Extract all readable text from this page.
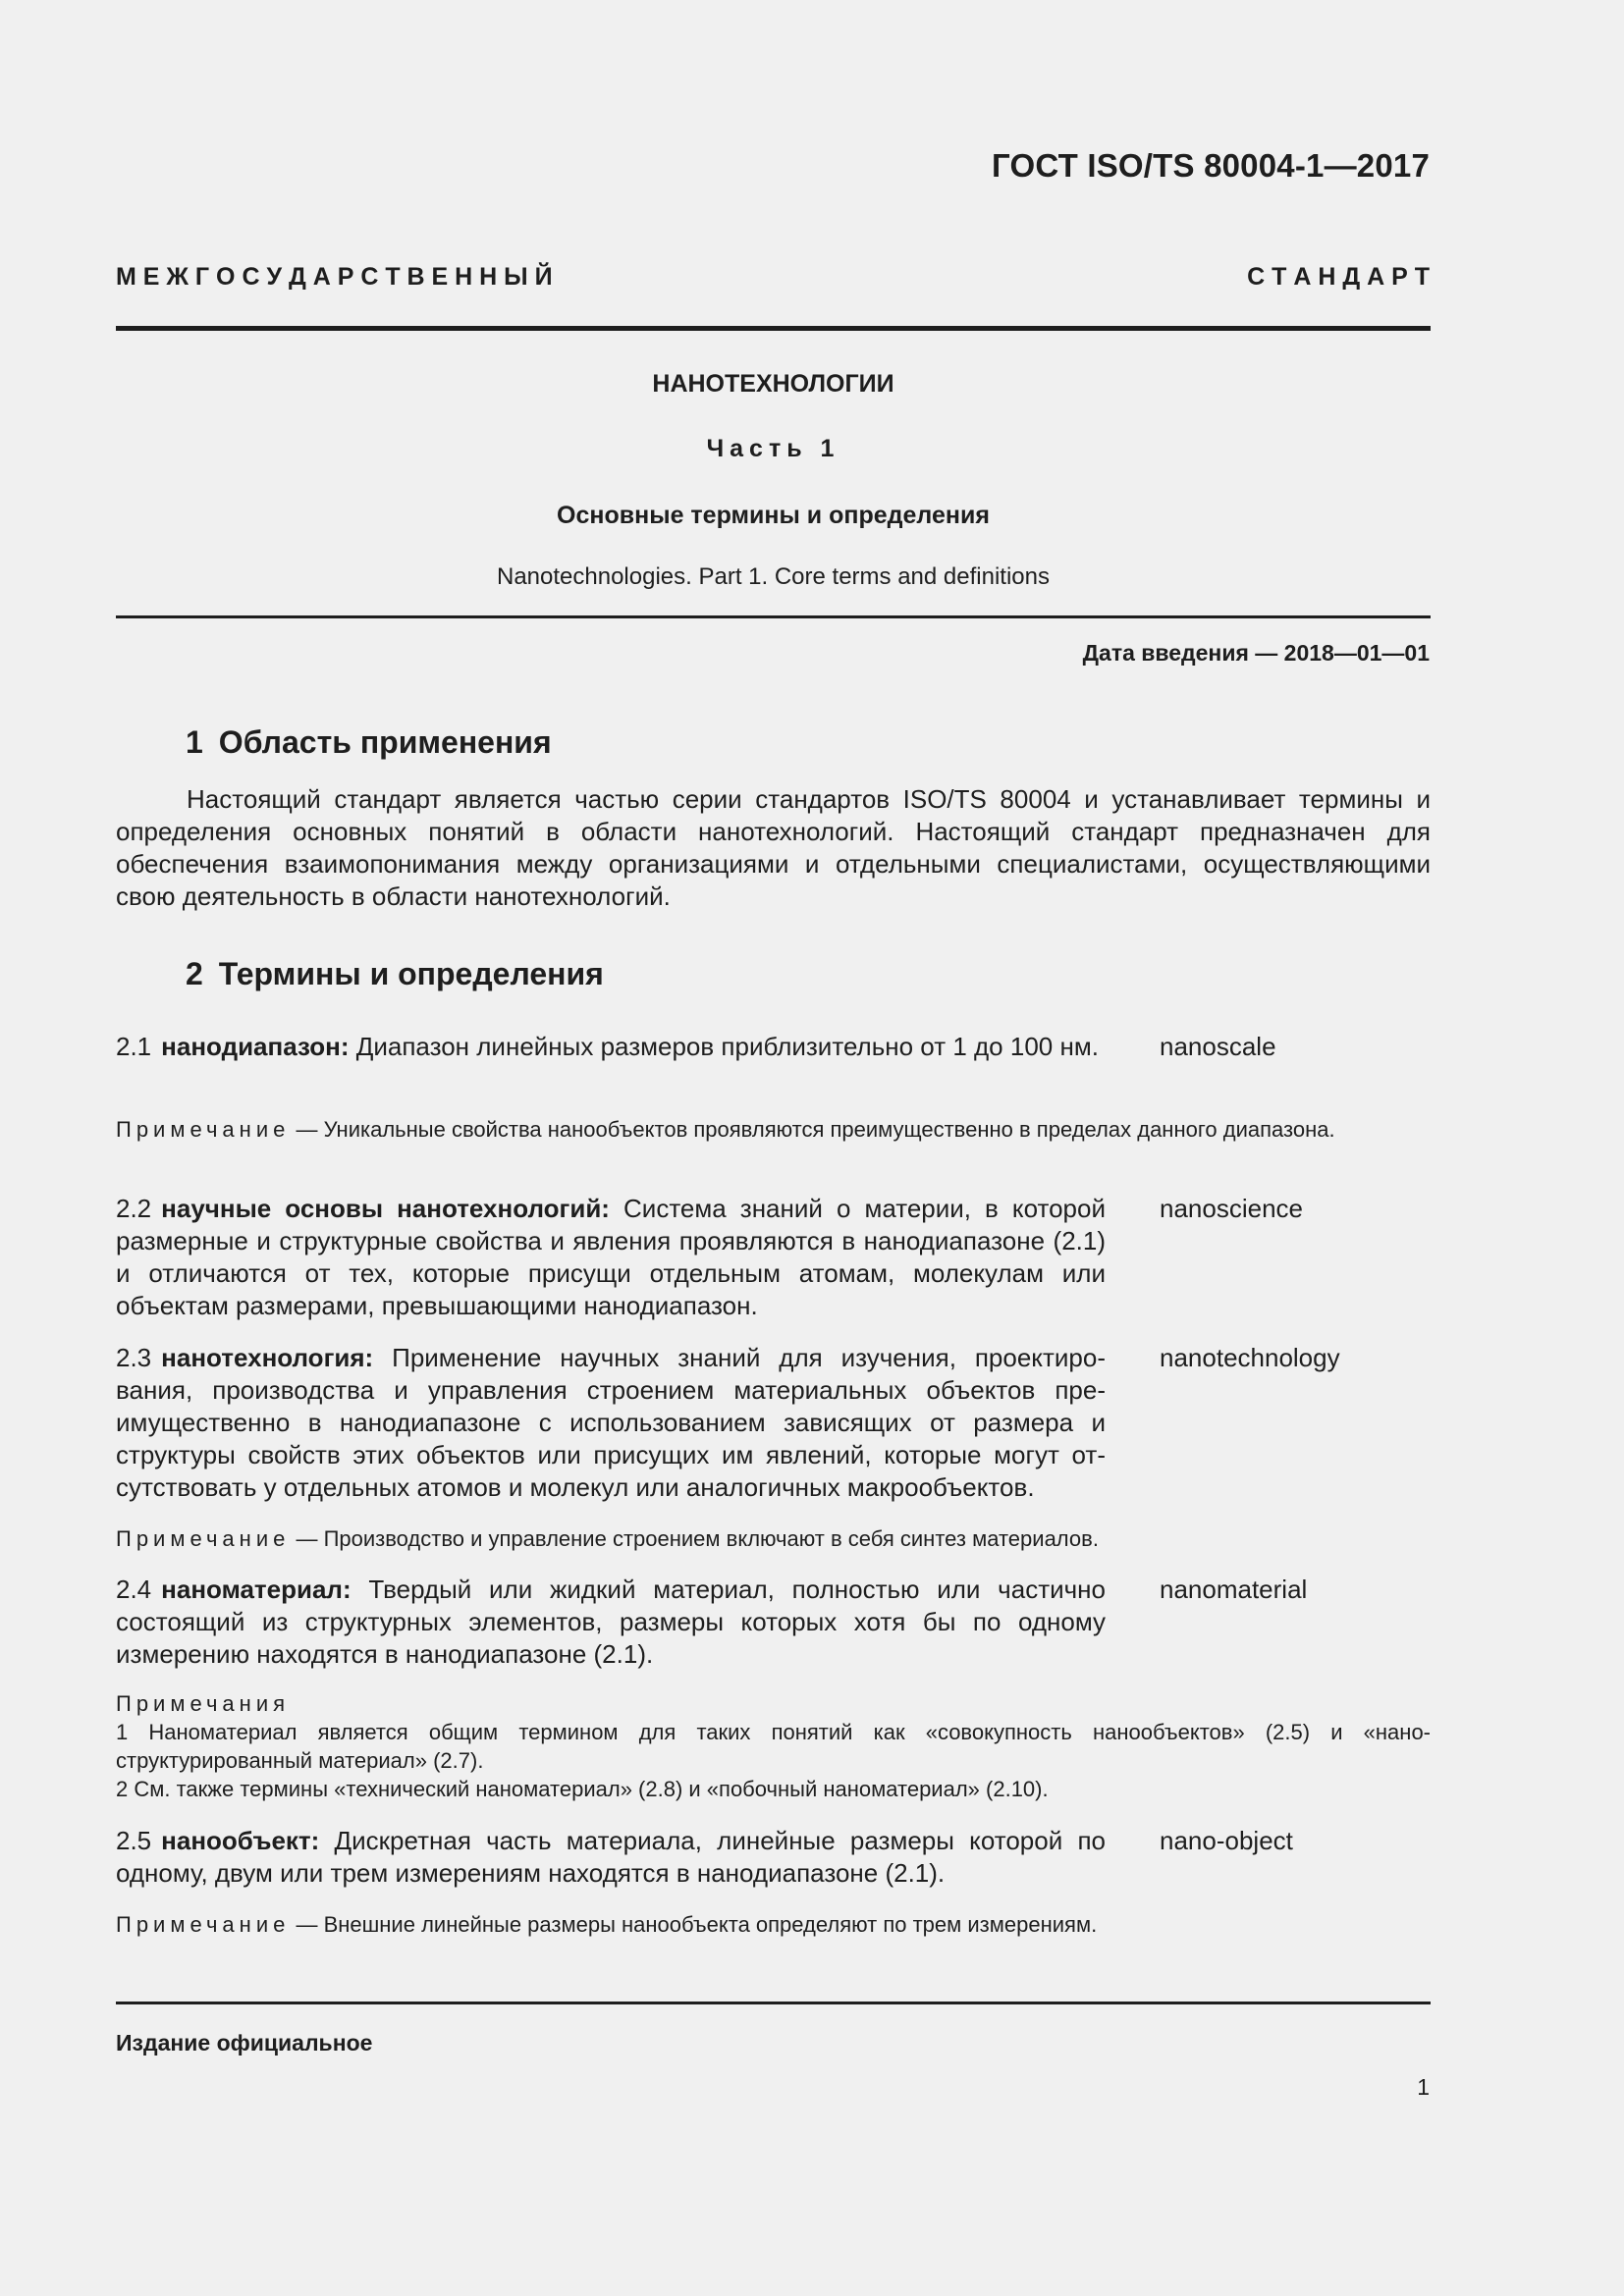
ГОСТ ISO/TS 80004-1—2017
М Е Ж Г О С У Д А Р С Т В Е Н Н Ы Й	С Т А Н Д А Р Т
НАНОТЕХНОЛОГИИ
Часть 1
Основные термины и определения
Nanotechnologies. Part 1. Core terms and definitions
Дата введения — 2018—01—01
1 Область применения
Настоящий стандарт является частью серии стандартов ISO/TS 80004 и устанавливает термины и определения основных понятий в области нанотехнологий. Настоящий стандарт предназначен для обеспечения взаимопонимания между организациями и отдельными специалистами, осуществляющими свою деятельность в области нанотехнологий.
2 Термины и определения
2.1 нанодиапазон: Диапазон линейных размеров приблизительно от 1 до 100 нм. nanoscale
Примечание — Уникальные свойства нанообъектов проявляются преимущественно в пределах данного диапазона.
2.2 научные основы нанотехнологий: Система знаний о материи, в которой размерные и структурные свойства и явления проявляются в нанодиапазоне (2.1) и отличаются от тех, которые присущи отдельным атомам, молекулам или объектам размерами, превышающими нанодиапазон.
nanoscience
2.3 нанотехнология: Применение научных знаний для изучения, проектиро-вания, производства и управления строением материальных объектов пре-имущественно в нанодиапазоне с использованием зависящих от размера и структуры свойств этих объектов или присущих им явлений, которые могут от-сутствовать у отдельных атомов и молекул или аналогичных макрообъектов.
nanotechnology
Примечание — Производство и управление строением включают в себя синтез материалов.
2.4 наноматериал: Твердый или жидкий материал, полностью или частично состоящий из структурных элементов, размеры которых хотя бы по одному измерению находятся в нанодиапазоне (2.1).
nanomaterial
Примечания
1 Наноматериал является общим термином для таких понятий как «совокупность нанообъектов» (2.5) и «нано-структурированный материал» (2.7).
2 См. также термины «технический наноматериал» (2.8) и «побочный наноматериал» (2.10).
2.5 нанообъект: Дискретная часть материала, линейные размеры которой по одному, двум или трем измерениям находятся в нанодиапазоне (2.1).
nano-object
Примечание — Внешние линейные размеры нанообъекта определяют по трем измерениям.
Издание официальное
1
